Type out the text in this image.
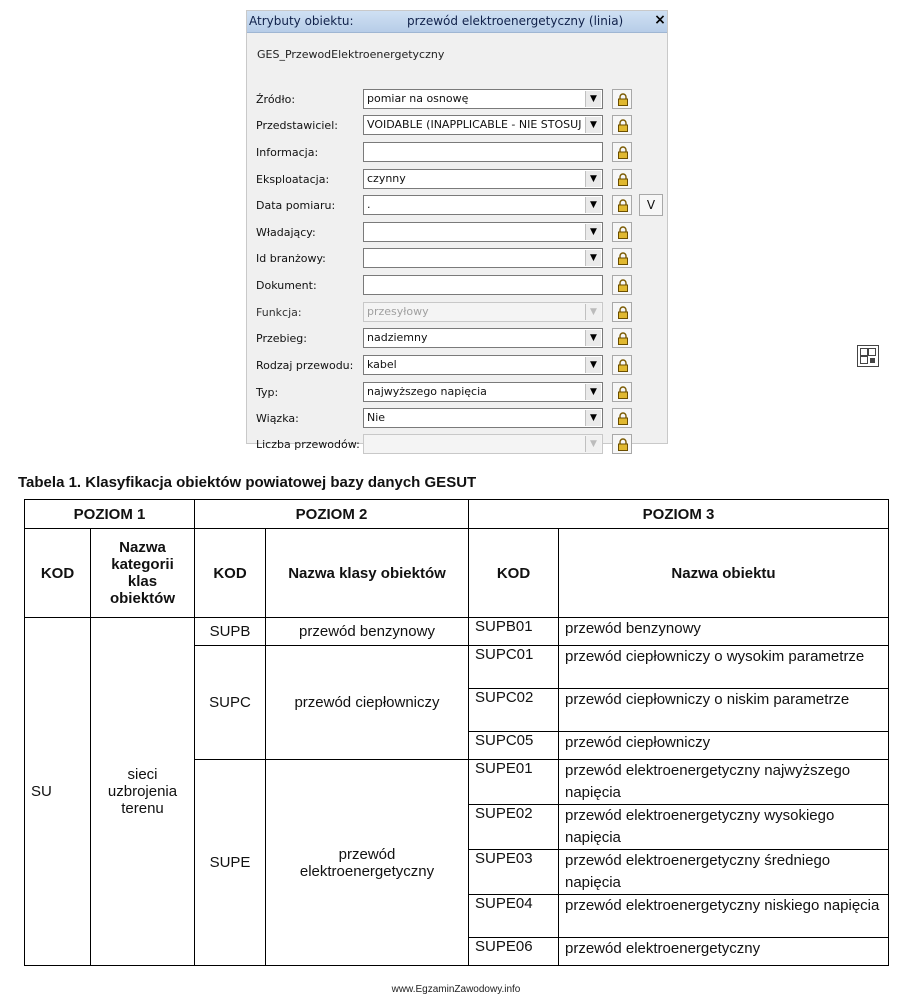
Atrybuty obiektu:	przewód elektroenergetyczny (linia) ×
GES_PrzewodElektroenergetyczny
Źródło:	pomiar na osnowę	▼
Przedstawiciel:	VOIDABLE (INAPPLICABLE - NIE STOSUJ ▼
Informacja:
Eksploatacja:	czynny	▼
Data pomiaru:	.	▼	V
Władający:	▼
Id branżowy:	▼
Dokument:
Funkcja:	przesyłowy	▼
Przebieg:	nadziemny	▼
Rodzaj przewodu:	kabel	▼
Typ:	najwyższego napięcia	▼
Wiązka:	Nie	▼
Liczba przewodów:	▼
Tabela 1. Klasyfikacja obiektów powiatowej bazy danych GESUT
POZIOM 1		POZIOM 2		POZIOM 3	
KOD	Nazwa kategorii klas obiektów	KOD	Nazwa klasy obiektów	KOD	Nazwa obiektu
SU	sieci uzbrojenia terenu	SUPB	przewód benzynowy	SUPB01	przewód benzynowy
		SUPC	przewód ciepłowniczy	SUPC01	przewód ciepłowniczy o wysokim parametrze
				SUPC02	przewód ciepłowniczy o niskim parametrze
				SUPC05	przewód ciepłowniczy
		SUPE	przewód elektroenergetyczny	SUPE01	przewód elektroenergetyczny najwyższego napięcia
				SUPE02	przewód elektroenergetyczny wysokiego napięcia
				SUPE03	przewód elektroenergetyczny średniego napięcia
				SUPE04	przewód elektroenergetyczny niskiego napięcia
				SUPE06	przewód elektroenergetyczny
www.EgzaminZawodowy.info
